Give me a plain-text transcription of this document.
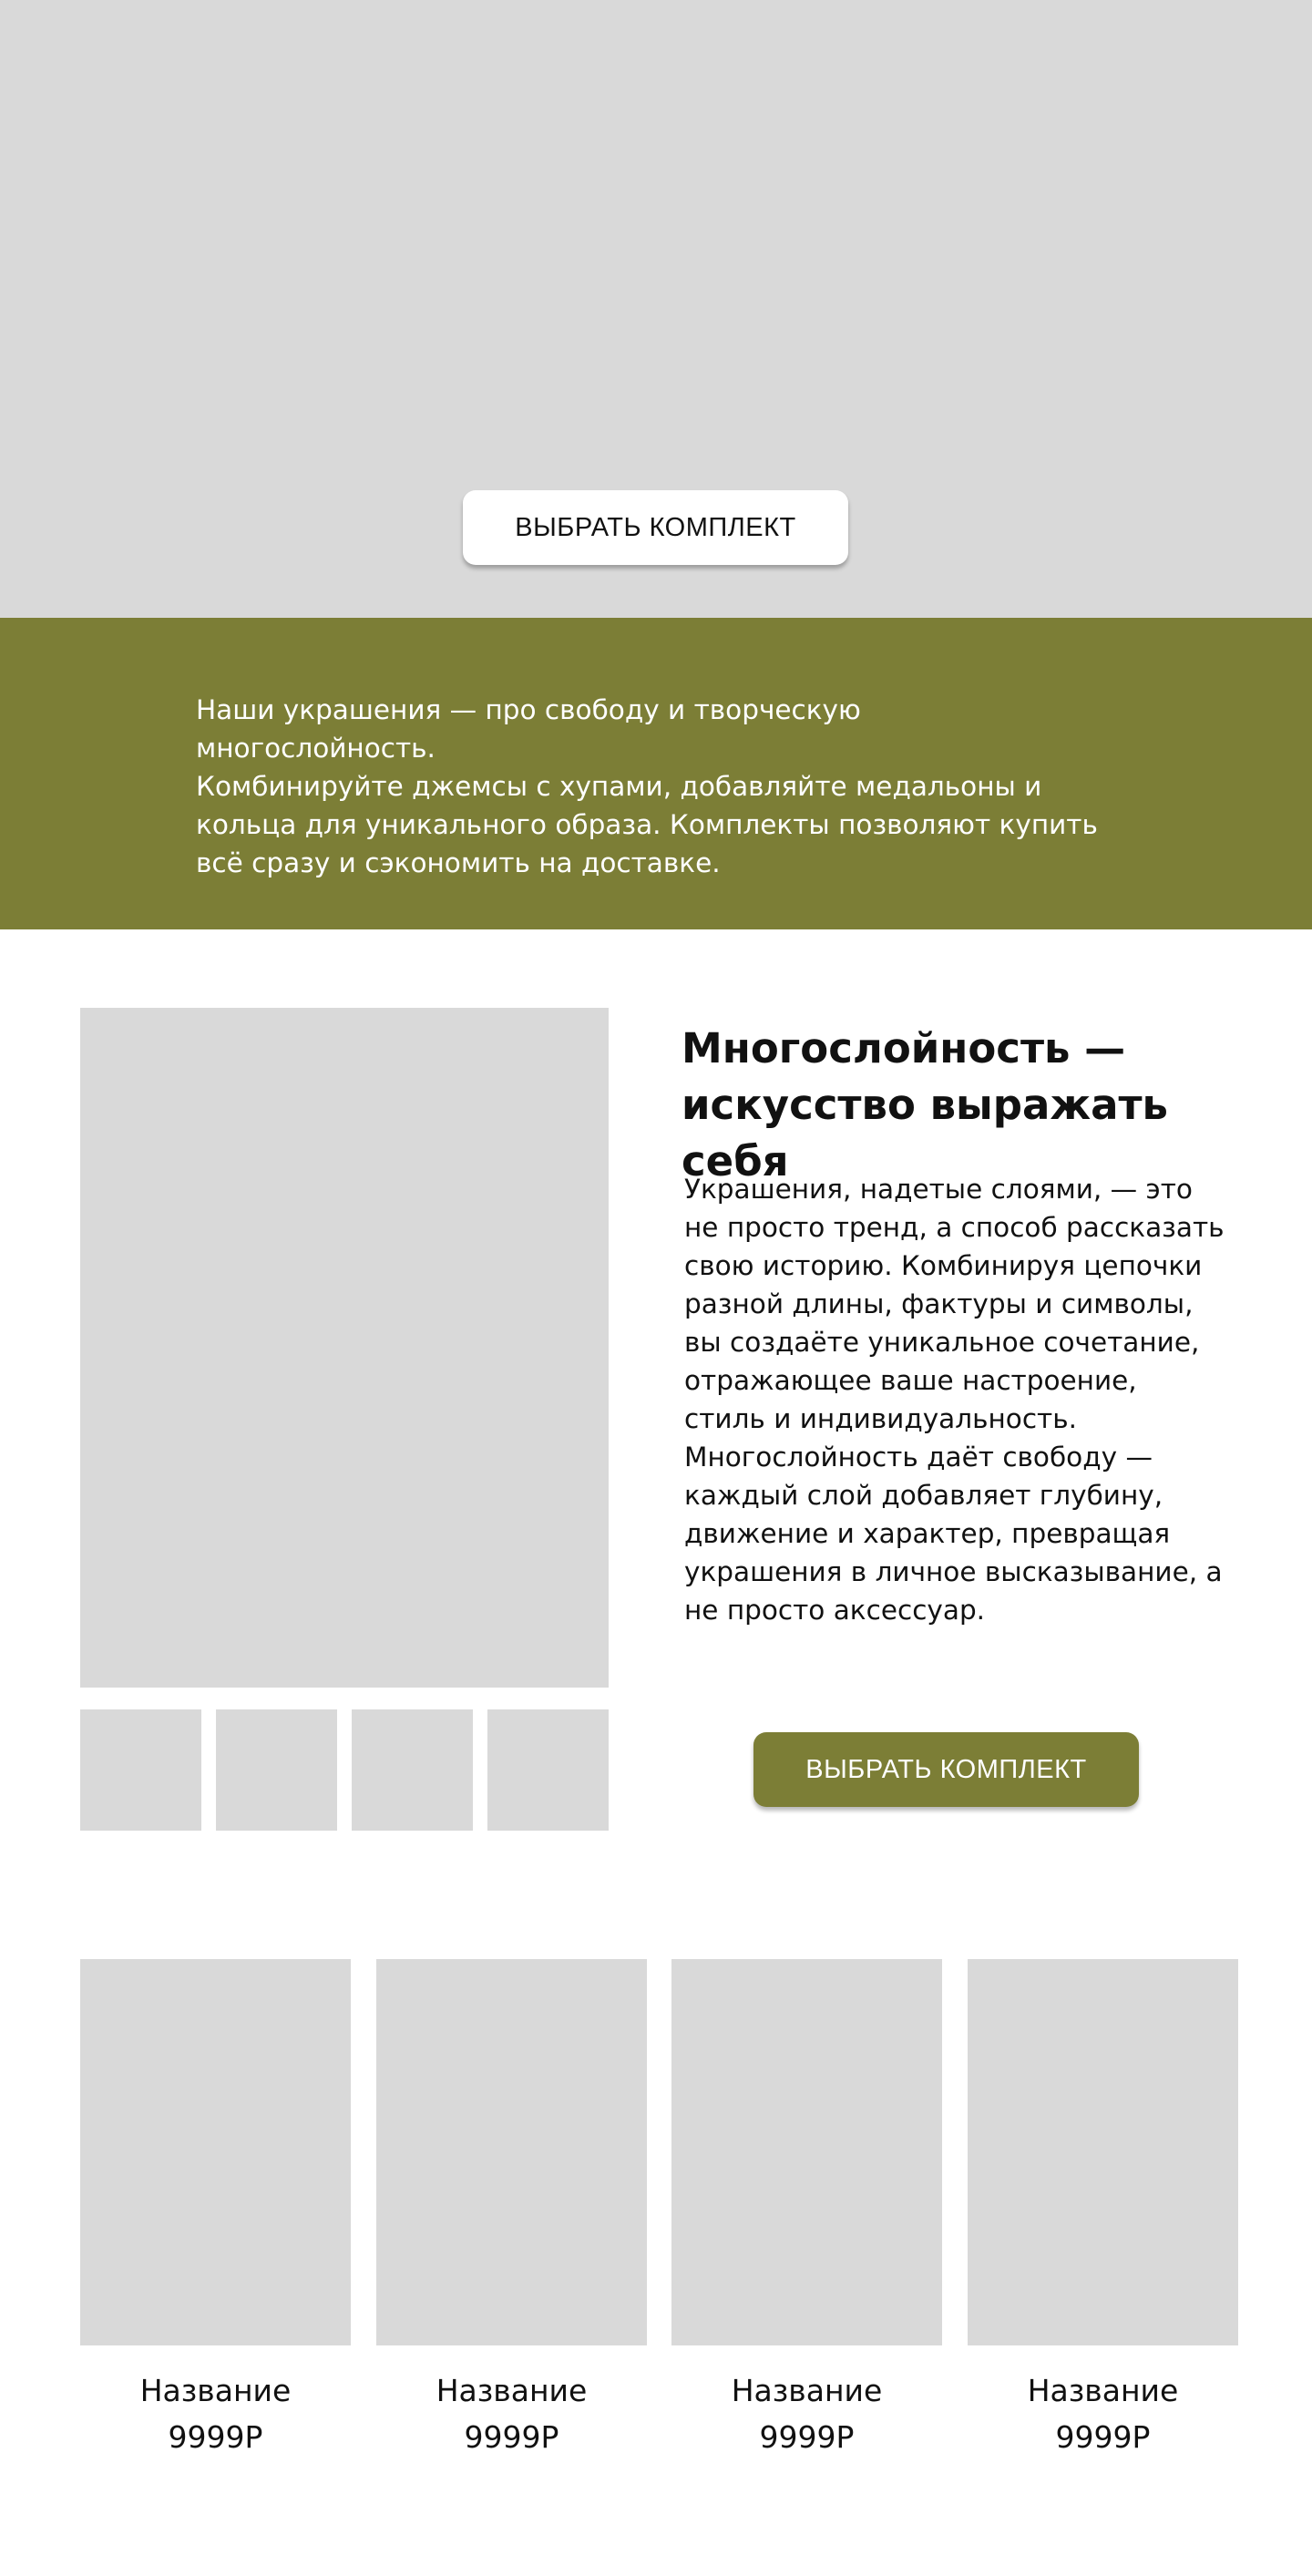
ВЫБРАТЬ КОМПЛЕКТ

Наши украшения — про свободу и творческую многослойность.
Комбинируйте джемсы с хупами, добавляйте медальоны и
кольца для уникального образа. Комплекты позволяют купить
всё сразу и сэкономить на доставке.

Многослойность —
искусство выражать себя

Украшения, надетые слоями, — это
не просто тренд, а способ рассказать
свою историю. Комбинируя цепочки
разной длины, фактуры и символы,
вы создаёте уникальное сочетание,
отражающее ваше настроение,
стиль и индивидуальность.
Многослойность даёт свободу —
каждый слой добавляет глубину,
движение и характер, превращая
украшения в личное высказывание, а
не просто аксессуар.

ВЫБРАТЬ КОМПЛЕКТ
Название
9999Р
Название
9999Р
Название
9999Р
Название
9999Р
